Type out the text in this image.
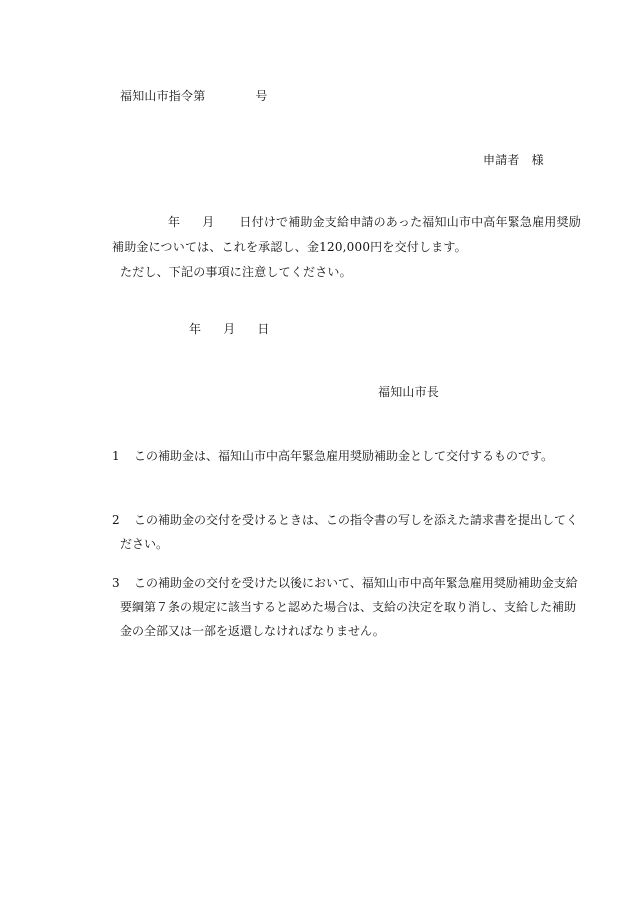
福知山市指令第	号
申請者 様
年 月 日付けで補助金支給申請のあった福知山市中高年緊急雇用奨励
補助金については、これを承認し、金120,000円を交付します。
ただし、下記の事項に注意してください。
年 月 日
福知山市長
1 この補助金は、福知山市中高年緊急雇用奨励補助金として交付するものです。
2 この補助金の交付を受けるときは、この指令書の写しを添えた請求書を提出してく
ださい。
3 この補助金の交付を受けた以後において、福知山市中高年緊急雇用奨励補助金支給
要綱第７条の規定に該当すると認めた場合は、支給の決定を取り消し、支給した補助
金の全部又は一部を返還しなければなりません。
